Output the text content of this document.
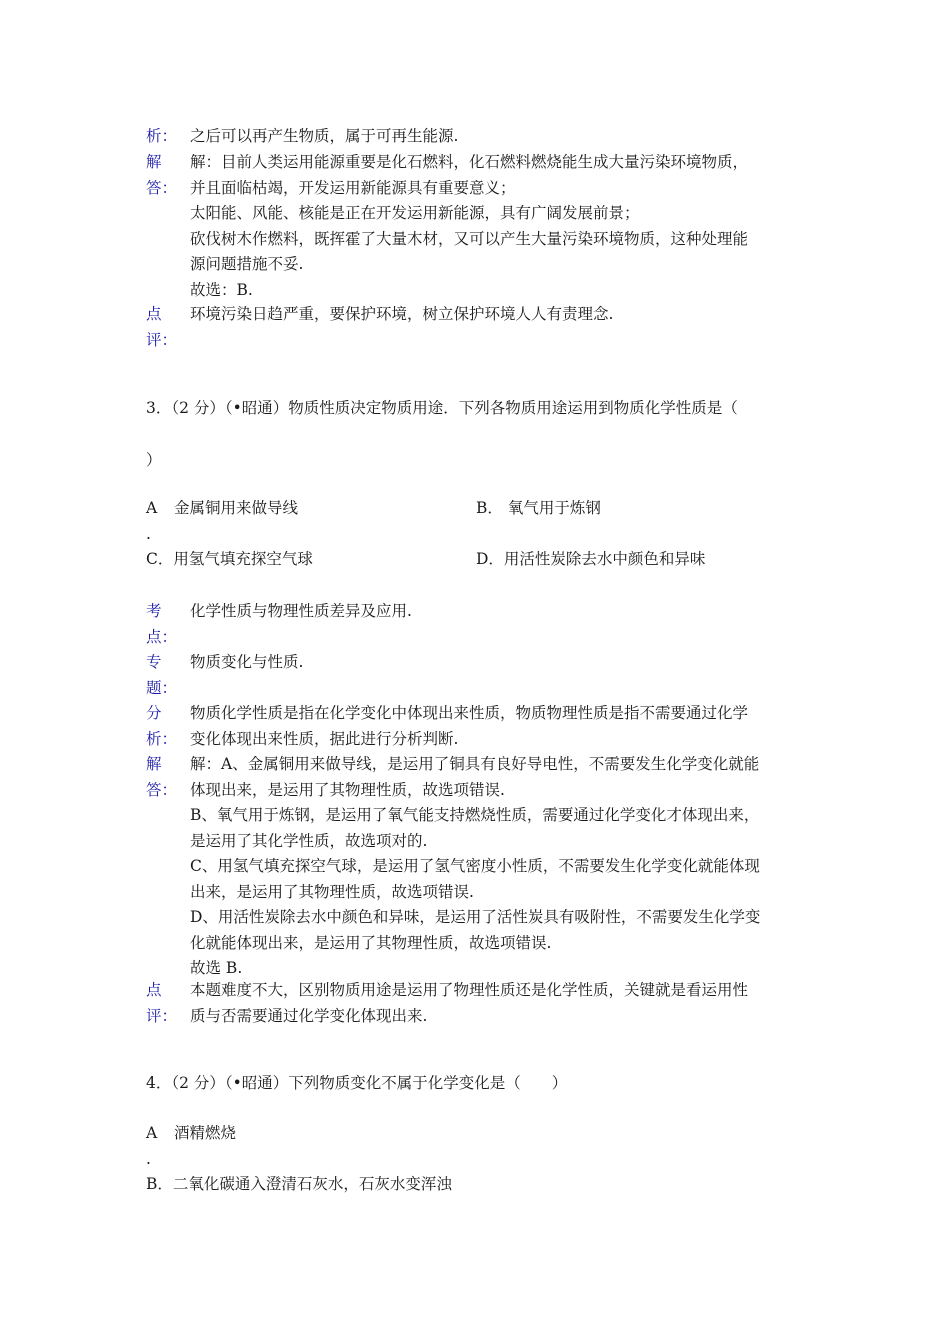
析： 之后可以再产生物质，属于可再生能源.
解
答：
解：目前人类运用能源重要是化石燃料，化石燃料燃烧能生成大量污染环境物质，
并且面临枯竭，开发运用新能源具有重要意义；
太阳能、风能、核能是正在开发运用新能源，具有广阔发展前景；
砍伐树木作燃料，既挥霍了大量木材，又可以产生大量污染环境物质，这种处理能
源问题措施不妥.
故选：B.
点
评：
环境污染日趋严重，要保护环境，树立保护环境人人有责理念.
3．（2 分）（•昭通）物质性质决定物质用途．下列各物质用途运用到物质化学性质是（
）
A 金属铜用来做导线
.
B． 氧气用于炼钢
C．用氢气填充探空气球	D．用活性炭除去水中颜色和异味
考
点：
化学性质与物理性质差异及应用.
专
题：
物质变化与性质.
分
析：
物质化学性质是指在化学变化中体现出来性质，物质物理性质是指不需要通过化学
变化体现出来性质，据此进行分析判断.
解
答：
解：A、金属铜用来做导线，是运用了铜具有良好导电性，不需要发生化学变化就能
体现出来，是运用了其物理性质，故选项错误.
B、氧气用于炼钢，是运用了氧气能支持燃烧性质，需要通过化学变化才体现出来，
是运用了其化学性质，故选项对的.
C、用氢气填充探空气球，是运用了氢气密度小性质，不需要发生化学变化就能体现
出来，是运用了其物理性质，故选项错误.
D、用活性炭除去水中颜色和异味，是运用了活性炭具有吸附性，不需要发生化学变
化就能体现出来，是运用了其物理性质，故选项错误.
故选 B.
点
评：
本题难度不大，区别物质用途是运用了物理性质还是化学性质，关键就是看运用性
质与否需要通过化学变化体现出来.
4．（2 分）（•昭通）下列物质变化不属于化学变化是（　　）
A 酒精燃烧
.
B．二氧化碳通入澄清石灰水，石灰水变浑浊
